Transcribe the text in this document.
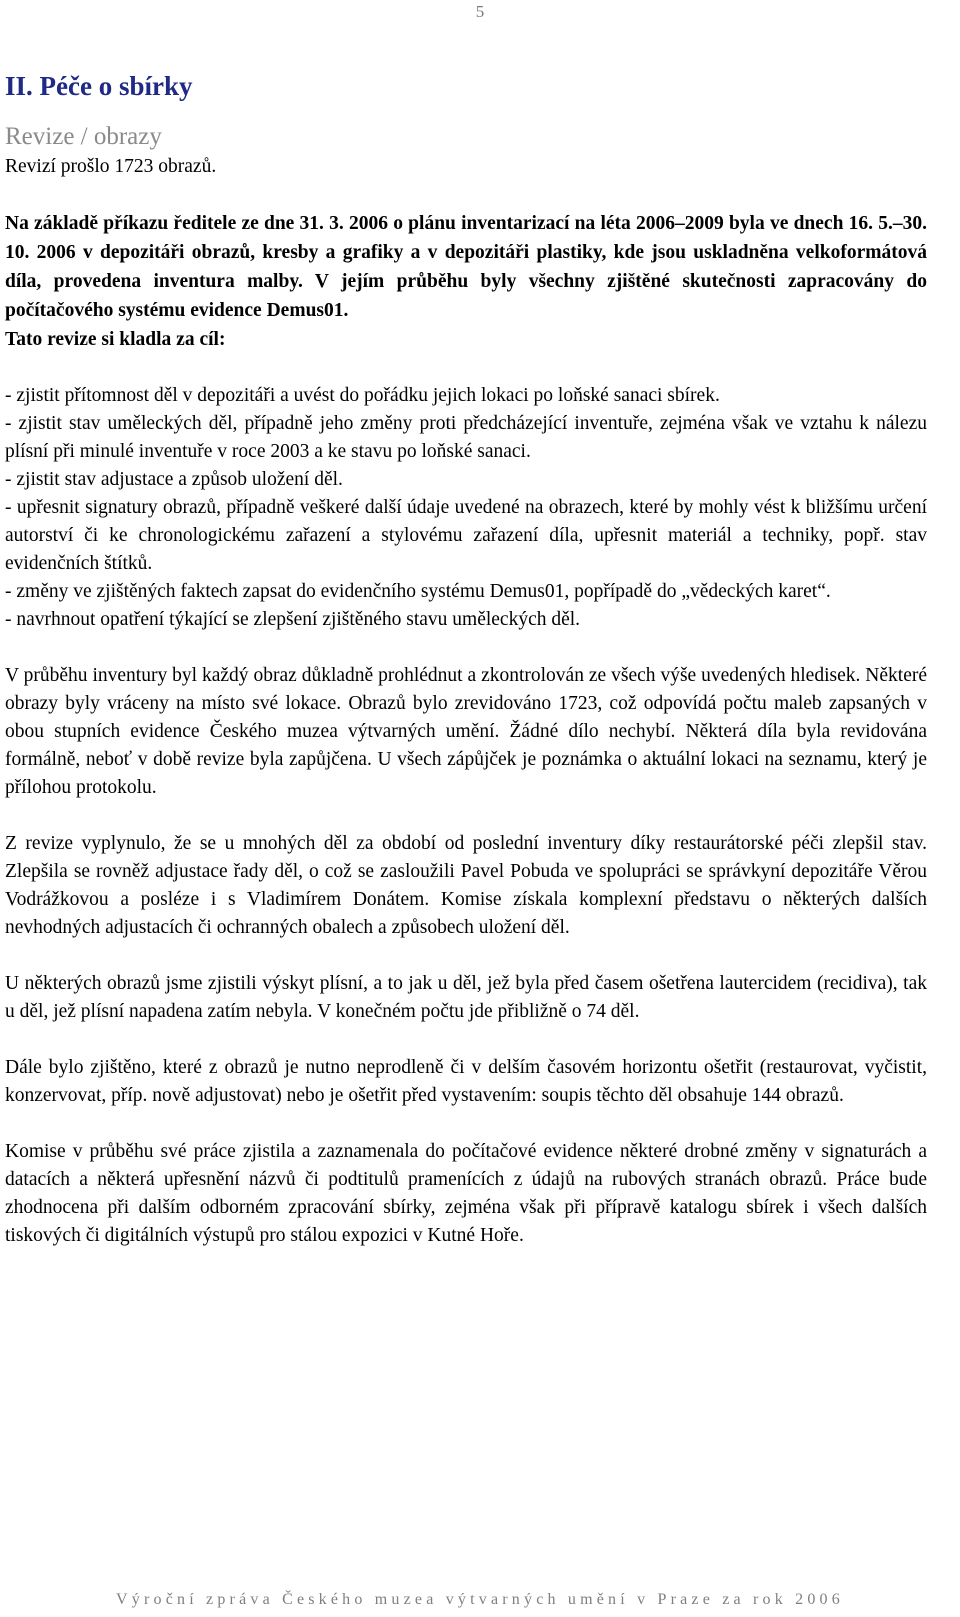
5
II. Péče o sbírky
Revize / obrazy

Revizí prošlo 1723 obrazů.

Na základě příkazu ředitele ze dne 31. 3. 2006 o plánu inventarizací na léta 2006–2009 byla ve dnech 16. 5.–30. 10. 2006 v depozitáři obrazů, kresby a grafiky a v depozitáři plastiky, kde jsou uskladněna velkoformátová díla, provedena inventura malby. V jejím průběhu byly všechny zjištěné skutečnosti zapracovány do počítačového systému evidence Demus01.

Tato revize si kladla za cíl:

- zjistit přítomnost děl v depozitáři a uvést do pořádku jejich lokaci po loňské sanaci sbírek.

- zjistit stav uměleckých děl, případně jeho změny proti předcházející inventuře, zejména však ve vztahu k nálezu plísní při minulé inventuře v roce 2003 a ke stavu po loňské sanaci.

- zjistit stav adjustace a způsob uložení děl.

- upřesnit signatury obrazů, případně veškeré další údaje uvedené na obrazech, které by mohly vést k bližšímu určení autorství či ke chronologickému zařazení a stylovému zařazení díla, upřesnit materiál a techniky, popř. stav evidenčních štítků.

- změny ve zjištěných faktech zapsat do evidenčního systému Demus01, popřípadě do „vědeckých karet“.

- navrhnout opatření týkající se zlepšení zjištěného stavu uměleckých děl.

V průběhu inventury byl každý obraz důkladně prohlédnut a zkontrolován ze všech výše uvedených hledisek. Některé obrazy byly vráceny na místo své lokace. Obrazů bylo zrevidováno 1723, což odpovídá počtu maleb zapsaných v obou stupních evidence Českého muzea výtvarných umění. Žádné dílo nechybí. Některá díla byla revidována formálně, neboť v době revize byla zapůjčena. U všech zápůjček je poznámka o aktuální lokaci na seznamu, který je přílohou protokolu.

Z revize vyplynulo, že se u mnohých děl za období od poslední inventury díky restaurátorské péči zlepšil stav. Zlepšila se rovněž adjustace řady děl, o což se zasloužili Pavel Pobuda ve spolupráci se správkyní depozitáře Věrou Vodrážkovou a posléze i s Vladimírem Donátem. Komise získala komplexní představu o některých dalších nevhodných adjustacích či ochranných obalech a způsobech uložení děl.

U některých obrazů jsme zjistili výskyt plísní, a to jak u děl, jež byla před časem ošetřena lautercidem (recidiva), tak u děl, jež plísní napadena zatím nebyla. V konečném počtu jde přibližně o 74 děl.

Dále bylo zjištěno, které z obrazů je nutno neprodleně či v delším časovém horizontu ošetřit (restaurovat, vyčistit, konzervovat, příp. nově adjustovat) nebo je ošetřit před vystavením: soupis těchto děl obsahuje 144 obrazů.

Komise v průběhu své práce zjistila a zaznamenala do počítačové evidence některé drobné změny v signaturách a datacích a některá upřesnění názvů či podtitulů pramenících z údajů na rubových stranách obrazů. Práce bude zhodnocena při dalším odborném zpracování sbírky, zejména však při přípravě katalogu sbírek i všech dalších tiskových či digitálních výstupů pro stálou expozici v Kutné Hoře.

Výroční zpráva Českého muzea výtvarných umění v Praze za rok 2006
